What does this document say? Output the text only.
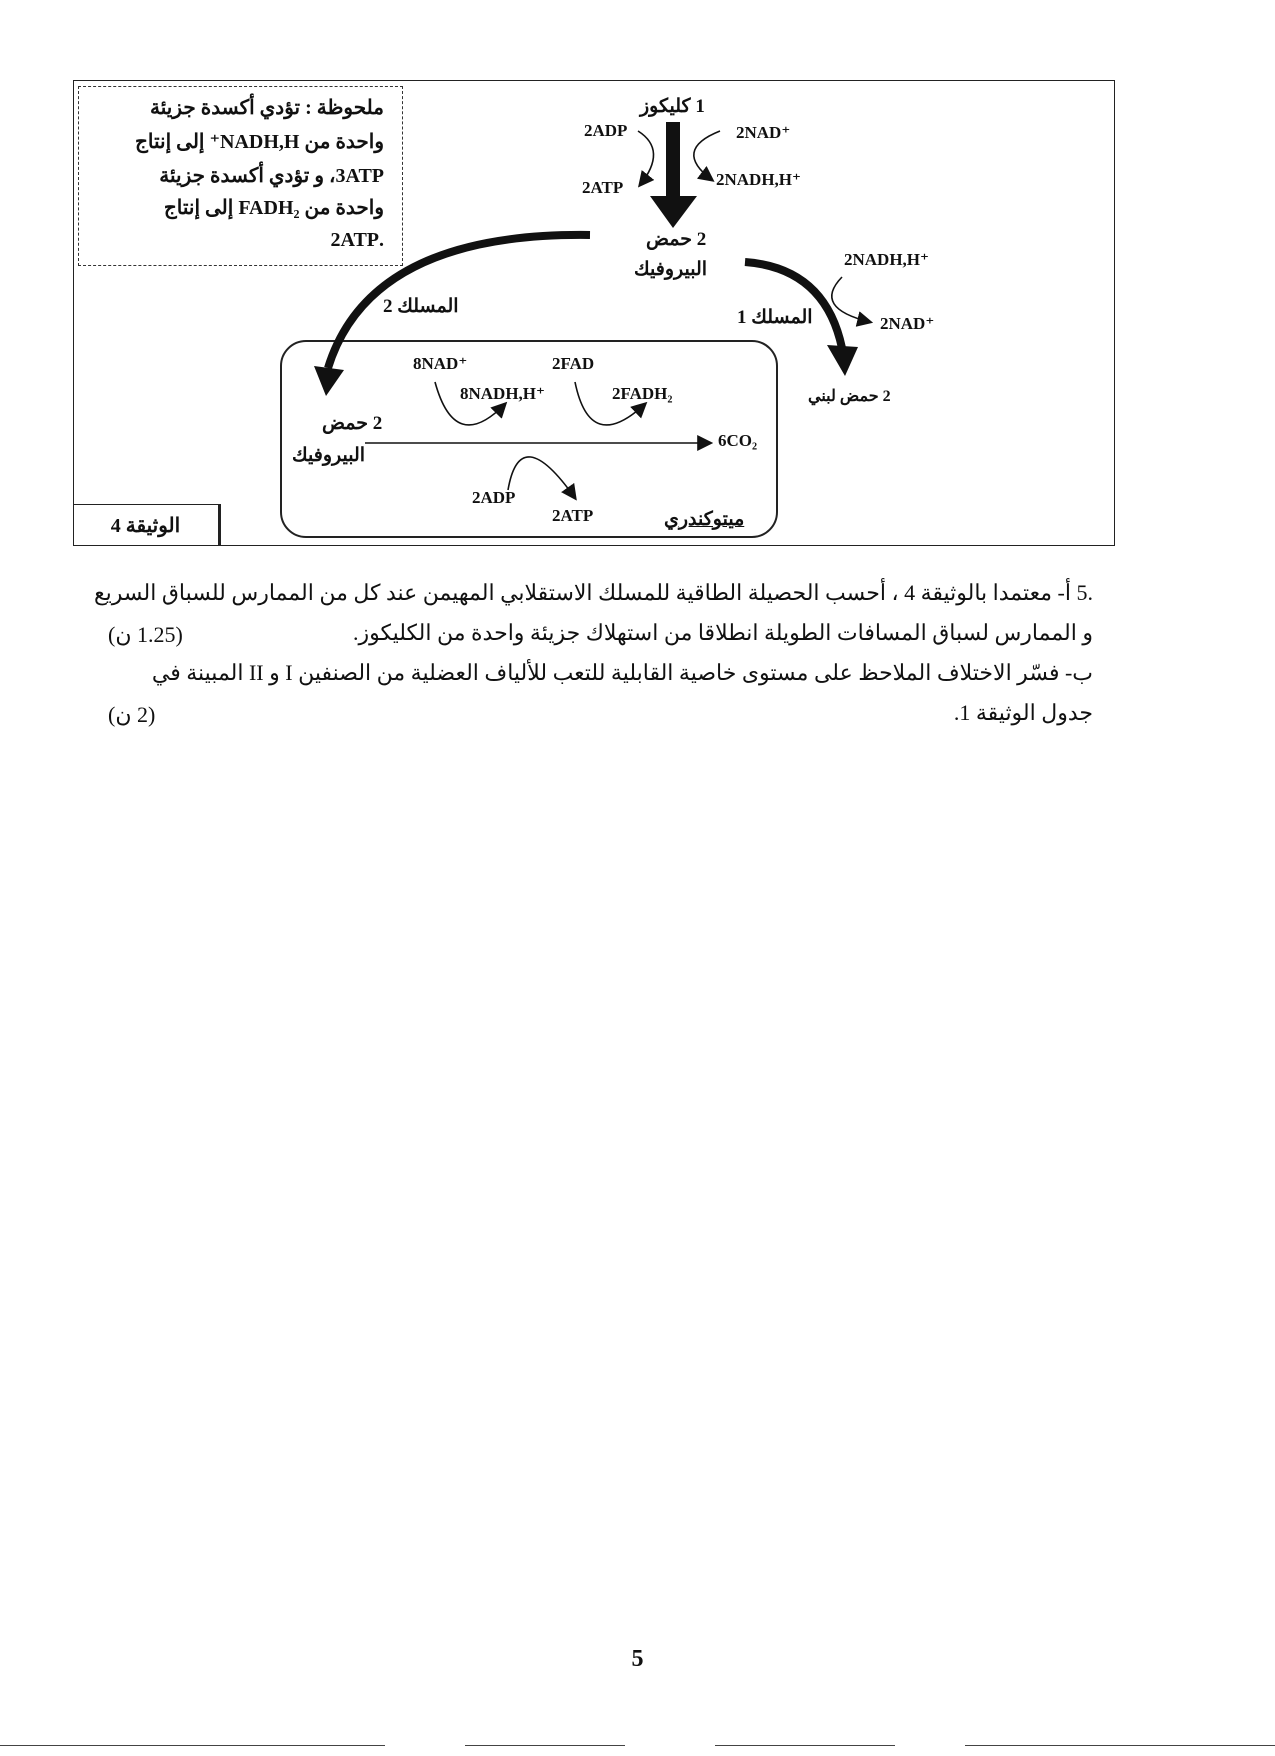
ملحوظة : تؤدي أكسدة جزيئة
واحدة من NADH,H⁺ إلى إنتاج
3ATP، و تؤدي أكسدة جزيئة
واحدة من FADH₂ إلى إنتاج
.2ATP
1 كليكوز
2ADP	2NAD⁺
2ATP	2NADH,H⁺
2 حمض
البيروفيك	2NADH,H⁺
المسلك 1	2NAD⁺
2 حمض لبني
المسلك 2
8NAD⁺	2FAD
8NADH,H⁺	2FADH₂
2 حمض
البيروفيك
6CO₂
2ADP
2ATP	ميتوكندري
الوثيقة 4
.5 أ- معتمدا بالوثيقة 4 ، أحسب الحصيلة الطاقية للمسلك الاستقلابي المهيمن عند كل من الممارس للسباق السريع
و الممارس لسباق المسافات الطويلة انطلاقا من استهلاك جزيئة واحدة من الكليكوز.
(1.25 ن)
ب- فسّر الاختلاف الملاحظ على مستوى خاصية القابلية للتعب للألياف العضلية من الصنفين I و II المبينة في
جدول الوثيقة 1.
(2 ن)
5
